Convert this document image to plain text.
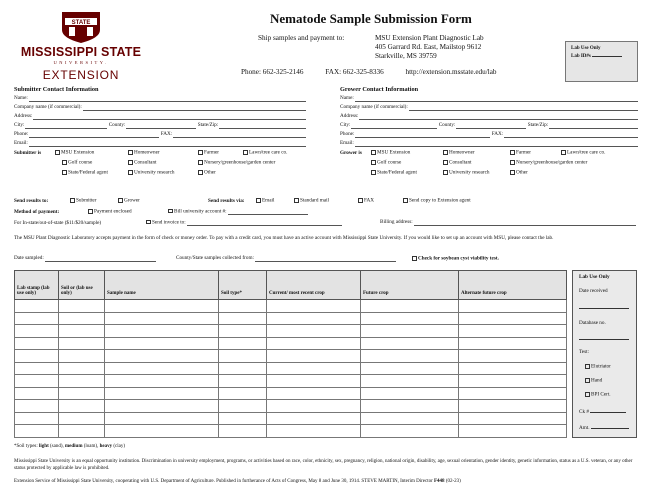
STATE
MISSISSIPPI STATE
UNIVERSITY.
EXTENSION
Nematode Sample Submission Form
Ship samples and payment to:	MSU Extension Plant Diagnostic Lab
405 Garrard Rd. East, Mailstop 9612
Starkville, MS 39759
Phone: 662-325-2146	FAX: 662-325-8336	http://extension.msstate.edu/lab
Lab Use Only
Lab ID#s
Submitter Contact Information
Name:
Company name (if commercial):
Address:
City:
	County:
	State/Zip:
Phone:
	FAX:
Email:
Submitter is	MSU Extension	Homeowner	Farmer	Lawn/tree care co.
Golf course	Consultant	Nursery/greenhouse/garden center
State/Federal agent	University research	Other
Grower Contact Information
Name:
Company name (if commercial):
Address:
City:
	County:
	State/Zip:
Phone:
	FAX:
Email:
Grower is	MSU Extension	Homeowner	Farmer	Lawn/tree care co.
Golf course	Consultant	Nursery/greenhouse/garden center
State/Federal agent	University research	Other
Send results to:	Submitter	Grower	Send results via:	Email	Standard mail	FAX	Send copy to Extension agent
Method of payment:	Payment enclosed	Bill university account #:
For In-state/out-of-state ($11/$20/sample)	Send invoice to:	Billing address:
The MSU Plant Diagnostic Laboratory accepts payment in the form of check or money order. To pay with a credit card, you must have an active account with Mississippi State University. If you would like to set up an account with MSU, please contact the lab.
Date sampled:	County/State samples collected from:	Check for soybean cyst viability test.
Lab stamp (lab use only)	Soil or (lab use only)	Sample name	Soil type*	Current/ most recent crop	Future crop	Alternate future crop

Lab Use Only
Date received
Database no.
Test:
Elutriator
Hand
BPI Cert.
Ck #
Amt.
*Soil types: light (sand), medium (loam), heavy (clay)
Mississippi State University is an equal opportunity institution. Discrimination in university employment, programs, or activities based on race, color, ethnicity, sex, pregnancy, religion, national origin, disability, age, sexual orientation, gender identity, genetic information, status as a U.S. veteran, or any other status protected by applicable law is prohibited.
Extension Service of Mississippi State University, cooperating with U.S. Department of Agriculture. Published in furtherance of Acts of Congress, May 8 and June 30, 1914. STEVE MARTIN, Interim Director F448 (02-23)
